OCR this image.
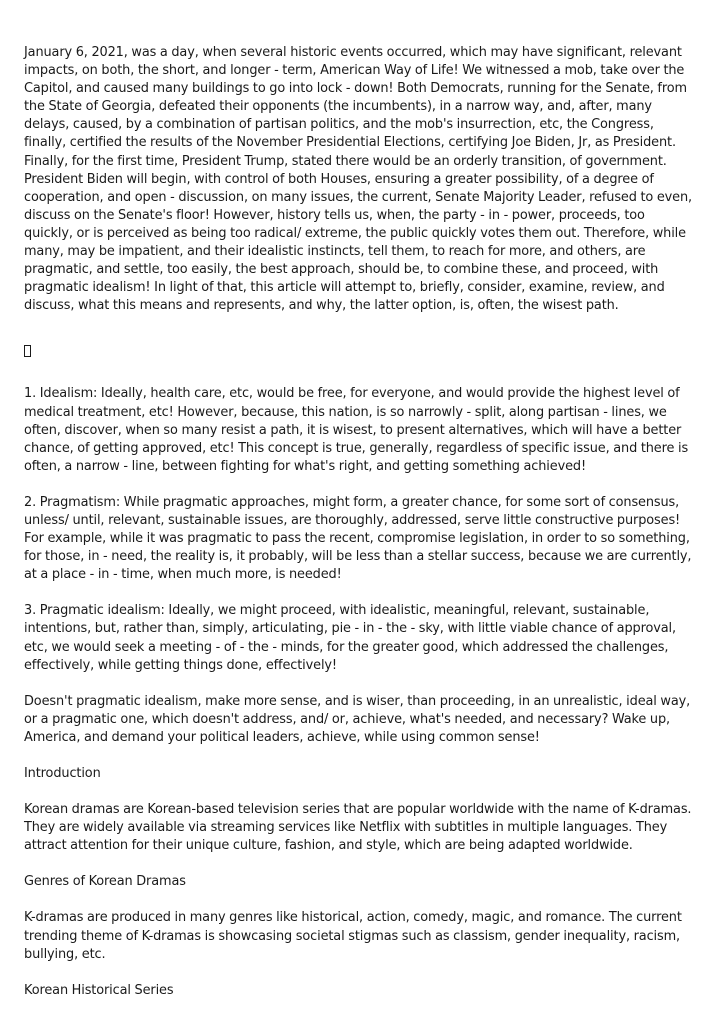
January 6, 2021, was a day, when several historic events occurred, which may have significant, relevant impacts, on both, the short, and longer - term, American Way of Life! We witnessed a mob, take over the Capitol, and caused many buildings to go into lock - down! Both Democrats, running for the Senate, from the State of Georgia, defeated their opponents (the incumbents), in a narrow way, and, after, many delays, caused, by a combination of partisan politics, and the mob's insurrection, etc, the Congress, finally, certified the results of the November Presidential Elections, certifying Joe Biden, Jr, as President. Finally, for the first time, President Trump, stated there would be an orderly transition, of government. President Biden will begin, with control of both Houses, ensuring a greater possibility, of a degree of cooperation, and open - discussion, on many issues, the current, Senate Majority Leader, refused to even, discuss on the Senate's floor! However, history tells us, when, the party - in - power, proceeds, too quickly, or is perceived as being too radical/ extreme, the public quickly votes them out. Therefore, while many, may be impatient, and their idealistic instincts, tell them, to reach for more, and others, are pragmatic, and settle, too easily, the best approach, should be, to combine these, and proceed, with pragmatic idealism! In light of that, this article will attempt to, briefly, consider, examine, review, and discuss, what this means and represents, and why, the latter option, is, often, the wisest path.

1. Idealism: Ideally, health care, etc, would be free, for everyone, and would provide the highest level of medical treatment, etc! However, because, this nation, is so narrowly - split, along partisan - lines, we often, discover, when so many resist a path, it is wisest, to present alternatives, which will have a better chance, of getting approved, etc! This concept is true, generally, regardless of specific issue, and there is often, a narrow - line, between fighting for what's right, and getting something achieved!

2. Pragmatism: While pragmatic approaches, might form, a greater chance, for some sort of consensus, unless/ until, relevant, sustainable issues, are thoroughly, addressed, serve little constructive purposes! For example, while it was pragmatic to pass the recent, compromise legislation, in order to so something, for those, in - need, the reality is, it probably, will be less than a stellar success, because we are currently, at a place - in - time, when much more, is needed!

3. Pragmatic idealism: Ideally, we might proceed, with idealistic, meaningful, relevant, sustainable, intentions, but, rather than, simply, articulating, pie - in - the - sky, with little viable chance of approval, etc, we would seek a meeting - of - the - minds, for the greater good, which addressed the challenges, effectively, while getting things done, effectively!

Doesn't pragmatic idealism, make more sense, and is wiser, than proceeding, in an unrealistic, ideal way, or a pragmatic one, which doesn't address, and/ or, achieve, what's needed, and necessary? Wake up, America, and demand your political leaders, achieve, while using common sense!

Introduction

Korean dramas are Korean-based television series that are popular worldwide with the name of K-dramas. They are widely available via streaming services like Netflix with subtitles in multiple languages. They attract attention for their unique culture, fashion, and style, which are being adapted worldwide.

Genres of Korean Dramas

K-dramas are produced in many genres like historical, action, comedy, magic, and romance. The current trending theme of K-dramas is showcasing societal stigmas such as classism, gender inequality, racism, bullying, etc.

Korean Historical Series
